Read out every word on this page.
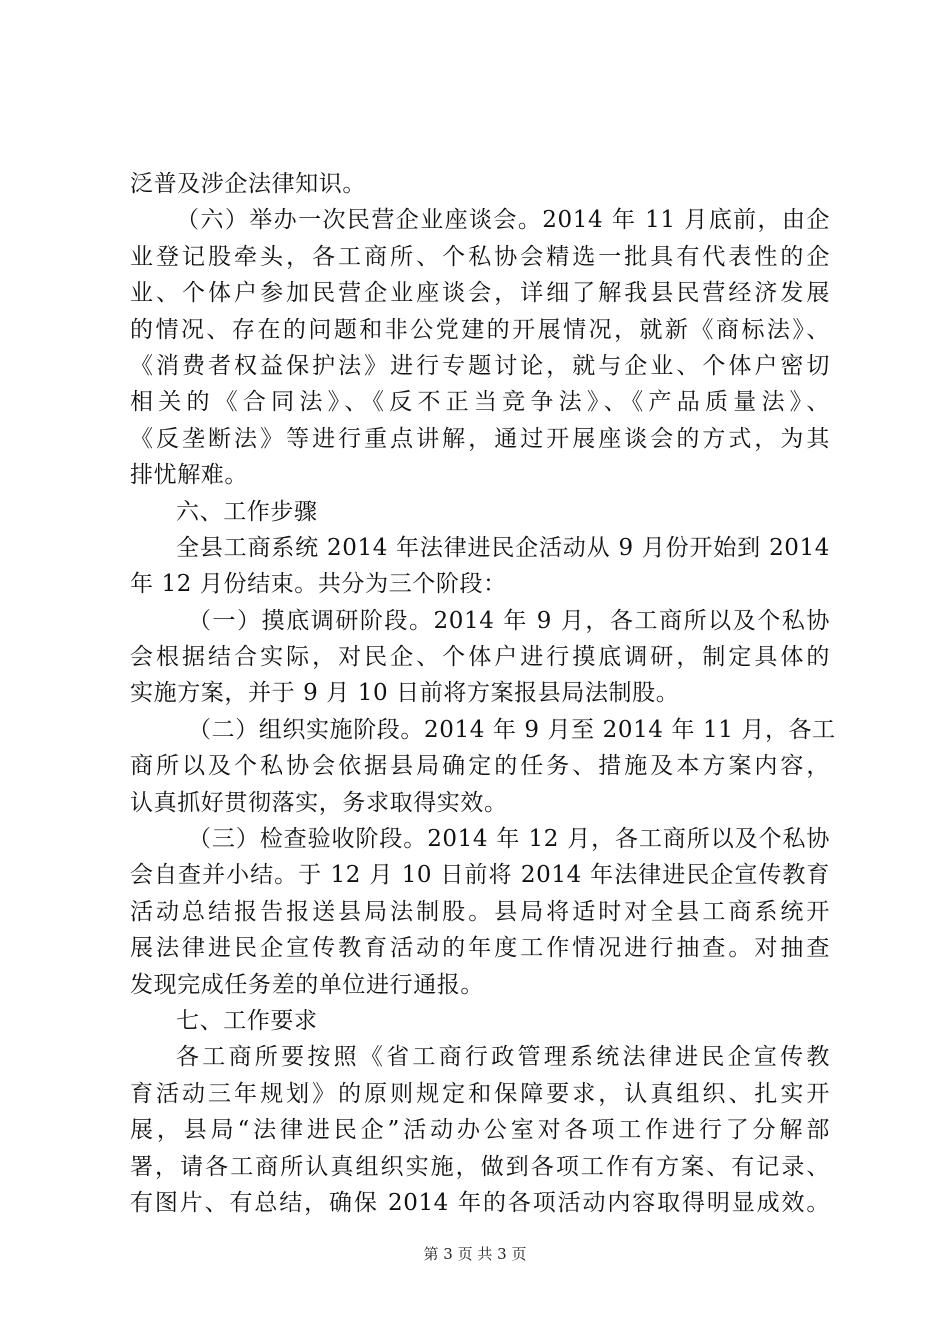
泛普及涉企法律知识。
（六）举办一次民营企业座谈会。2014 年 11 月底前，由企
业登记股牵头，各工商所、个私协会精选一批具有代表性的企
业、个体户参加民营企业座谈会，详细了解我县民营经济发展
的情况、存在的问题和非公党建的开展情况，就新《商标法》、
《消费者权益保护法》进行专题讨论，就与企业、个体户密切
相关的《合同法》、《反不正当竞争法》、《产品质量法》、
《反垄断法》等进行重点讲解，通过开展座谈会的方式，为其
排忧解难。
六、工作步骤
全县工商系统 2014 年法律进民企活动从 9 月份开始到 2014
年 12 月份结束。共分为三个阶段：
（一）摸底调研阶段。2014 年 9 月，各工商所以及个私协
会根据结合实际，对民企、个体户进行摸底调研，制定具体的
实施方案，并于 9 月 10 日前将方案报县局法制股。
（二）组织实施阶段。2014 年 9 月至 2014 年 11 月，各工
商所以及个私协会依据县局确定的任务、措施及本方案内容，
认真抓好贯彻落实，务求取得实效。
（三）检查验收阶段。2014 年 12 月，各工商所以及个私协
会自查并小结。于 12 月 10 日前将 2014 年法律进民企宣传教育
活动总结报告报送县局法制股。县局将适时对全县工商系统开
展法律进民企宣传教育活动的年度工作情况进行抽查。对抽查
发现完成任务差的单位进行通报。
七、工作要求
各工商所要按照《省工商行政管理系统法律进民企宣传教
育活动三年规划》的原则规定和保障要求，认真组织、扎实开
展，县局“法律进民企”活动办公室对各项工作进行了分解部
署，请各工商所认真组织实施，做到各项工作有方案、有记录、
有图片、有总结，确保 2014 年的各项活动内容取得明显成效。
第 3 页 共 3 页
